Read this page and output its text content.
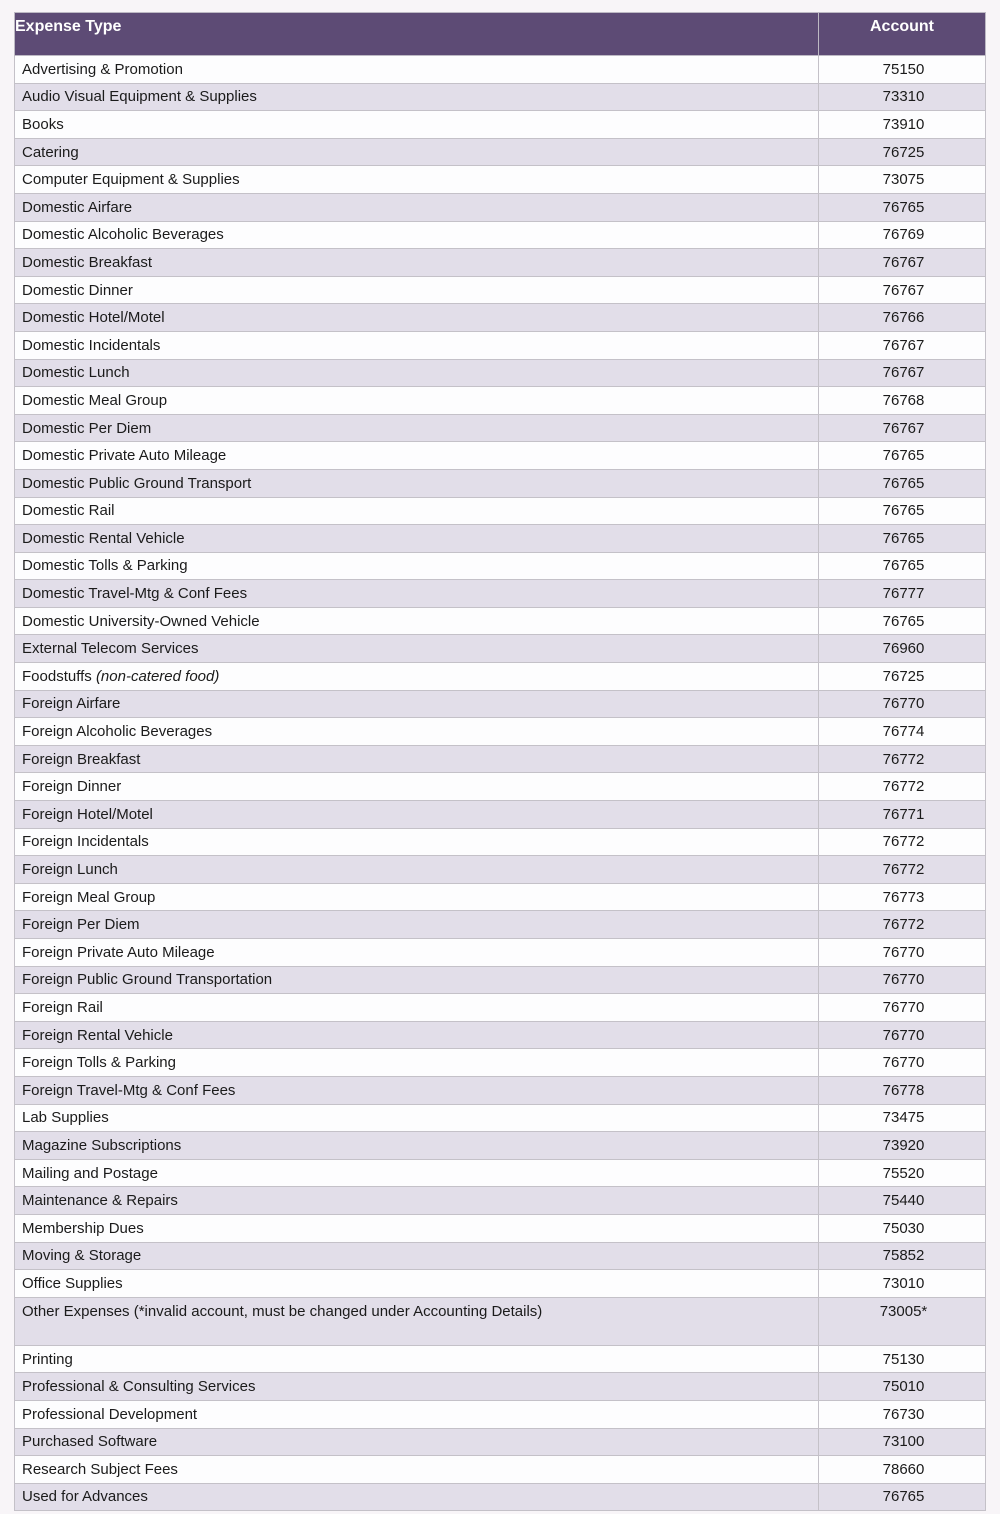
Expense Type	Account
Advertising & Promotion	75150
Audio Visual Equipment & Supplies	73310
Books	73910
Catering	76725
Computer Equipment & Supplies	73075
Domestic Airfare	76765
Domestic Alcoholic Beverages	76769
Domestic Breakfast	76767
Domestic Dinner	76767
Domestic Hotel/Motel	76766
Domestic Incidentals	76767
Domestic Lunch	76767
Domestic Meal Group	76768
Domestic Per Diem	76767
Domestic Private Auto Mileage	76765
Domestic Public Ground Transport	76765
Domestic Rail	76765
Domestic Rental Vehicle	76765
Domestic Tolls & Parking	76765
Domestic Travel-Mtg & Conf Fees	76777
Domestic University-Owned Vehicle	76765
External Telecom Services	76960
Foodstuffs (non-catered food)	76725
Foreign Airfare	76770
Foreign Alcoholic Beverages	76774
Foreign Breakfast	76772
Foreign Dinner	76772
Foreign Hotel/Motel	76771
Foreign Incidentals	76772
Foreign Lunch	76772
Foreign Meal Group	76773
Foreign Per Diem	76772
Foreign Private Auto Mileage	76770
Foreign Public Ground Transportation	76770
Foreign Rail	76770
Foreign Rental Vehicle	76770
Foreign Tolls & Parking	76770
Foreign Travel-Mtg & Conf Fees	76778
Lab Supplies	73475
Magazine Subscriptions	73920
Mailing and Postage	75520
Maintenance & Repairs	75440
Membership Dues	75030
Moving & Storage	75852
Office Supplies	73010
Other Expenses (*invalid account, must be changed under Accounting Details)	73005*
Printing	75130
Professional & Consulting Services	75010
Professional Development	76730
Purchased Software	73100
Research Subject Fees	78660
Used for Advances	76765
